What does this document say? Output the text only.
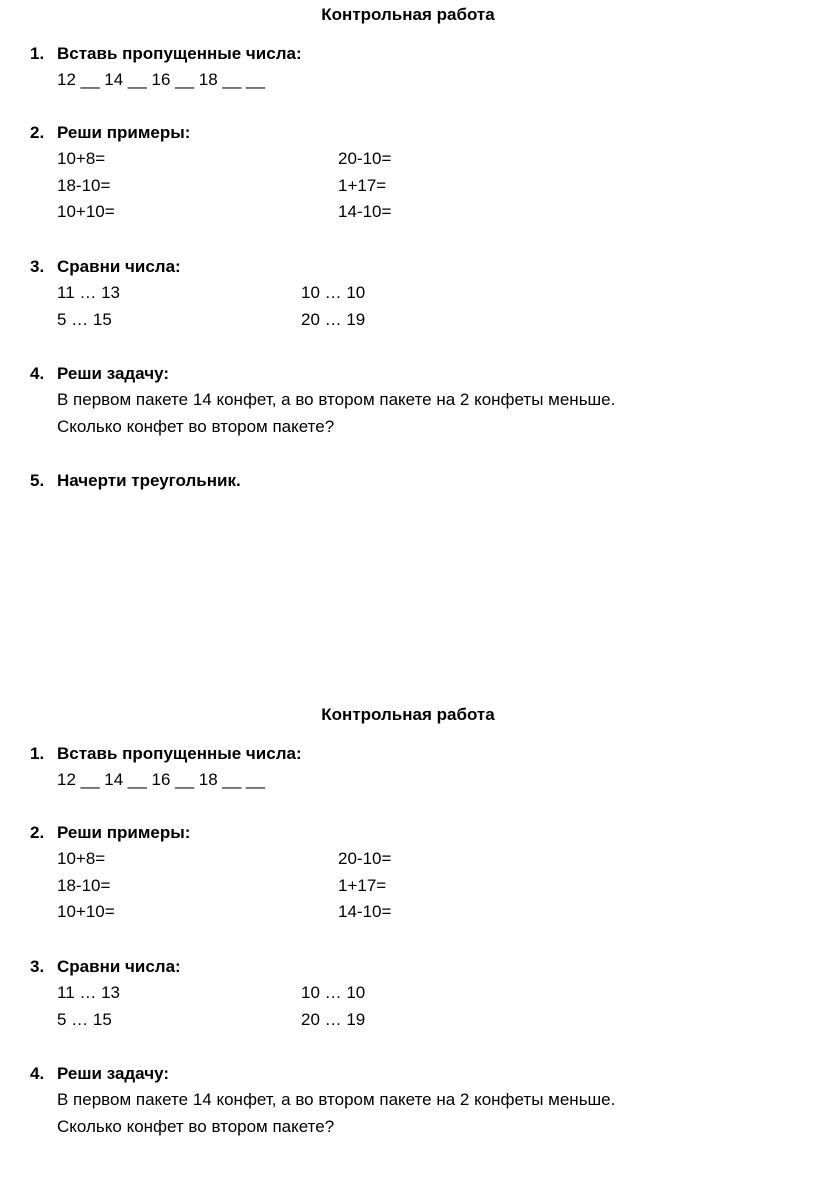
Контрольная работа
1. Вставь пропущенные числа:
12 __ 14 __ 16 __ 18 __ __
2. Реши примеры:
10+8=	20-10=
18-10=	1+17=
10+10=	14-10=
3. Сравни числа:
11 … 13	10 … 10
5 … 15	20 … 19
4. Реши задачу:
В первом пакете 14 конфет, а во втором пакете на 2 конфеты меньше.
Сколько конфет во втором пакете?
5. Начерти треугольник.
Контрольная работа
1. Вставь пропущенные числа:
12 __ 14 __ 16 __ 18 __ __
2. Реши примеры:
10+8=	20-10=
18-10=	1+17=
10+10=	14-10=
3. Сравни числа:
11 … 13	10 … 10
5 … 15	20 … 19
4. Реши задачу:
В первом пакете 14 конфет, а во втором пакете на 2 конфеты меньше.
Сколько конфет во втором пакете?
